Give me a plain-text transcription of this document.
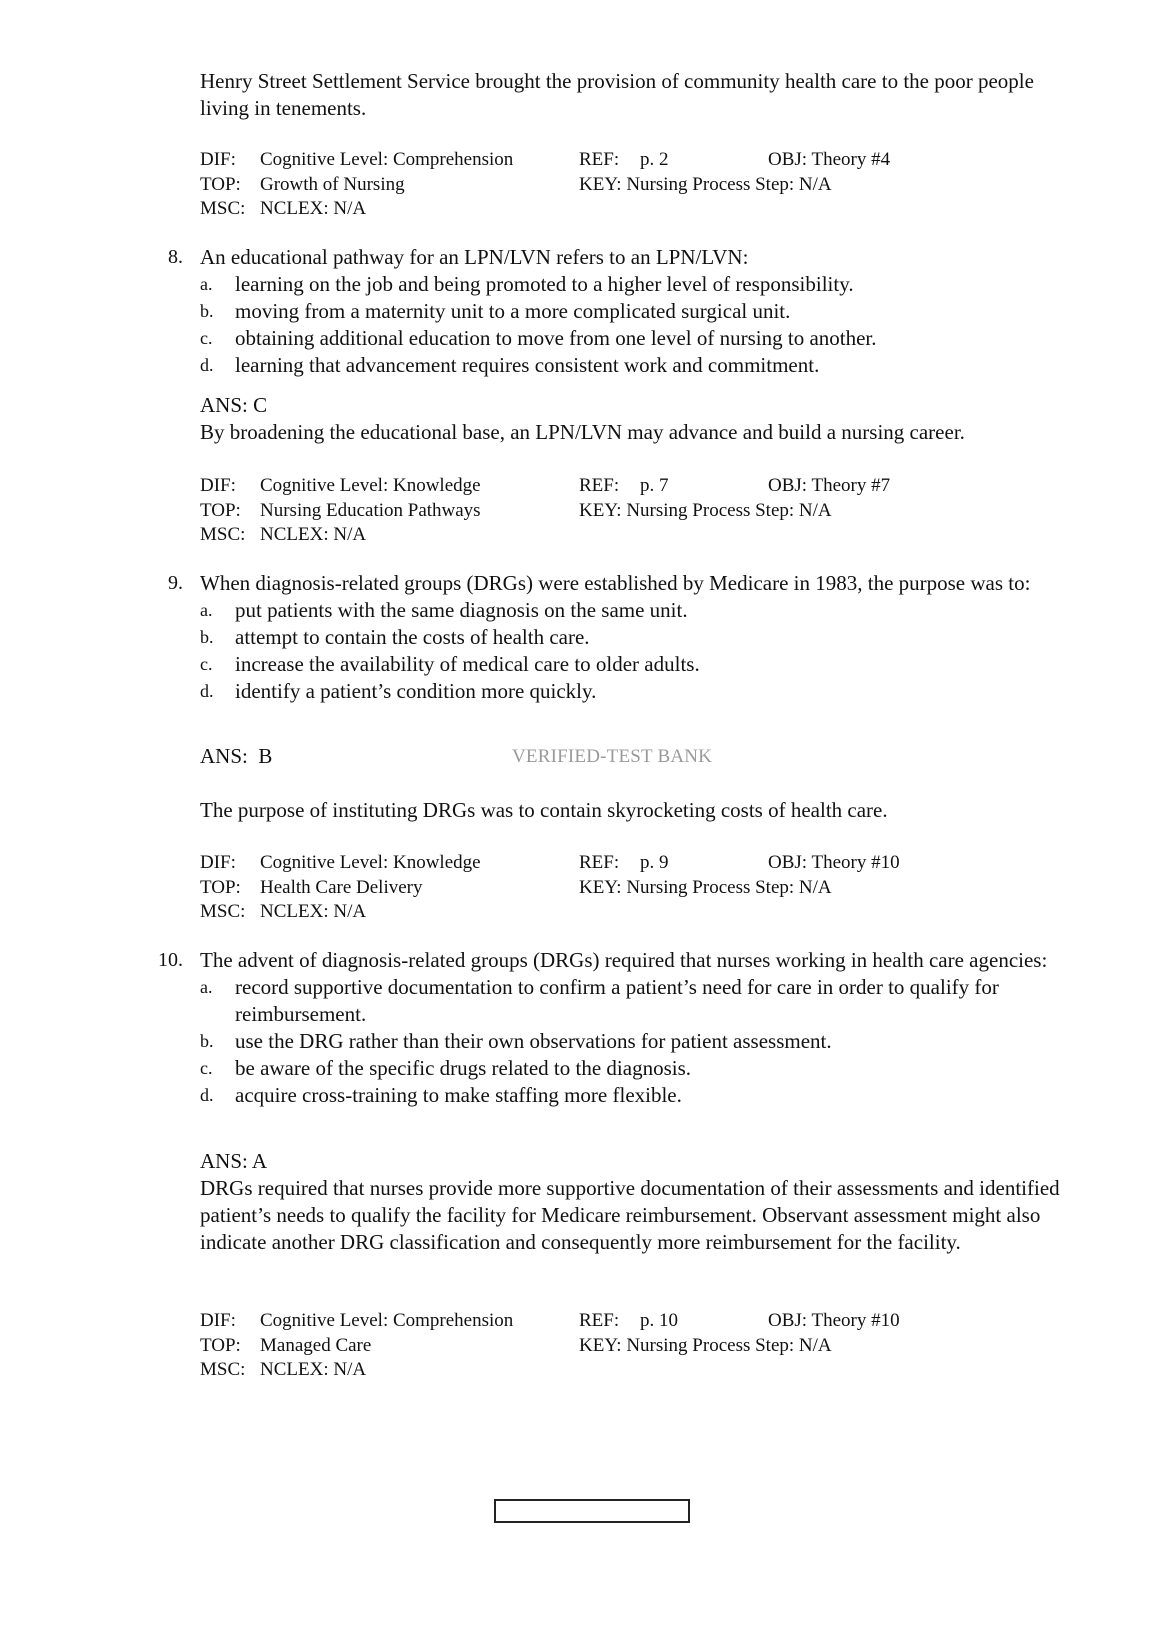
Henry Street Settlement Service brought the provision of community health care to the poor people living in tenements.
DIF: Cognitive Level: Comprehension	REF: p. 2	OBJ: Theory #4
TOP: Growth of Nursing	KEY: Nursing Process Step: N/A
MSC: NCLEX: N/A
8. An educational pathway for an LPN/LVN refers to an LPN/LVN:
a. learning on the job and being promoted to a higher level of responsibility.
b. moving from a maternity unit to a more complicated surgical unit.
c. obtaining additional education to move from one level of nursing to another.
d. learning that advancement requires consistent work and commitment.
ANS: C
By broadening the educational base, an LPN/LVN may advance and build a nursing career.
DIF: Cognitive Level: Knowledge	REF: p. 7	OBJ: Theory #7
TOP: Nursing Education Pathways	KEY: Nursing Process Step: N/A
MSC: NCLEX: N/A
9. When diagnosis-related groups (DRGs) were established by Medicare in 1983, the purpose was to:
a. put patients with the same diagnosis on the same unit.
b. attempt to contain the costs of health care.
c. increase the availability of medical care to older adults.
d. identify a patient’s condition more quickly.
ANS:  B	VERIFIED-TEST BANK
The purpose of instituting DRGs was to contain skyrocketing costs of health care.
DIF: Cognitive Level: Knowledge	REF: p. 9	OBJ: Theory #10
TOP: Health Care Delivery	KEY: Nursing Process Step: N/A
MSC: NCLEX: N/A
10. The advent of diagnosis-related groups (DRGs) required that nurses working in health care agencies:
a. record supportive documentation to confirm a patient’s need for care in order to qualify for reimbursement.
b. use the DRG rather than their own observations for patient assessment.
c. be aware of the specific drugs related to the diagnosis.
d. acquire cross-training to make staffing more flexible.
ANS: A
DRGs required that nurses provide more supportive documentation of their assessments and identified patient’s needs to qualify the facility for Medicare reimbursement. Observant assessment might also indicate another DRG classification and consequently more reimbursement for the facility.
DIF: Cognitive Level: Comprehension	REF: p. 10	OBJ: Theory #10
TOP: Managed Care	KEY: Nursing Process Step: N/A
MSC: NCLEX: N/A
